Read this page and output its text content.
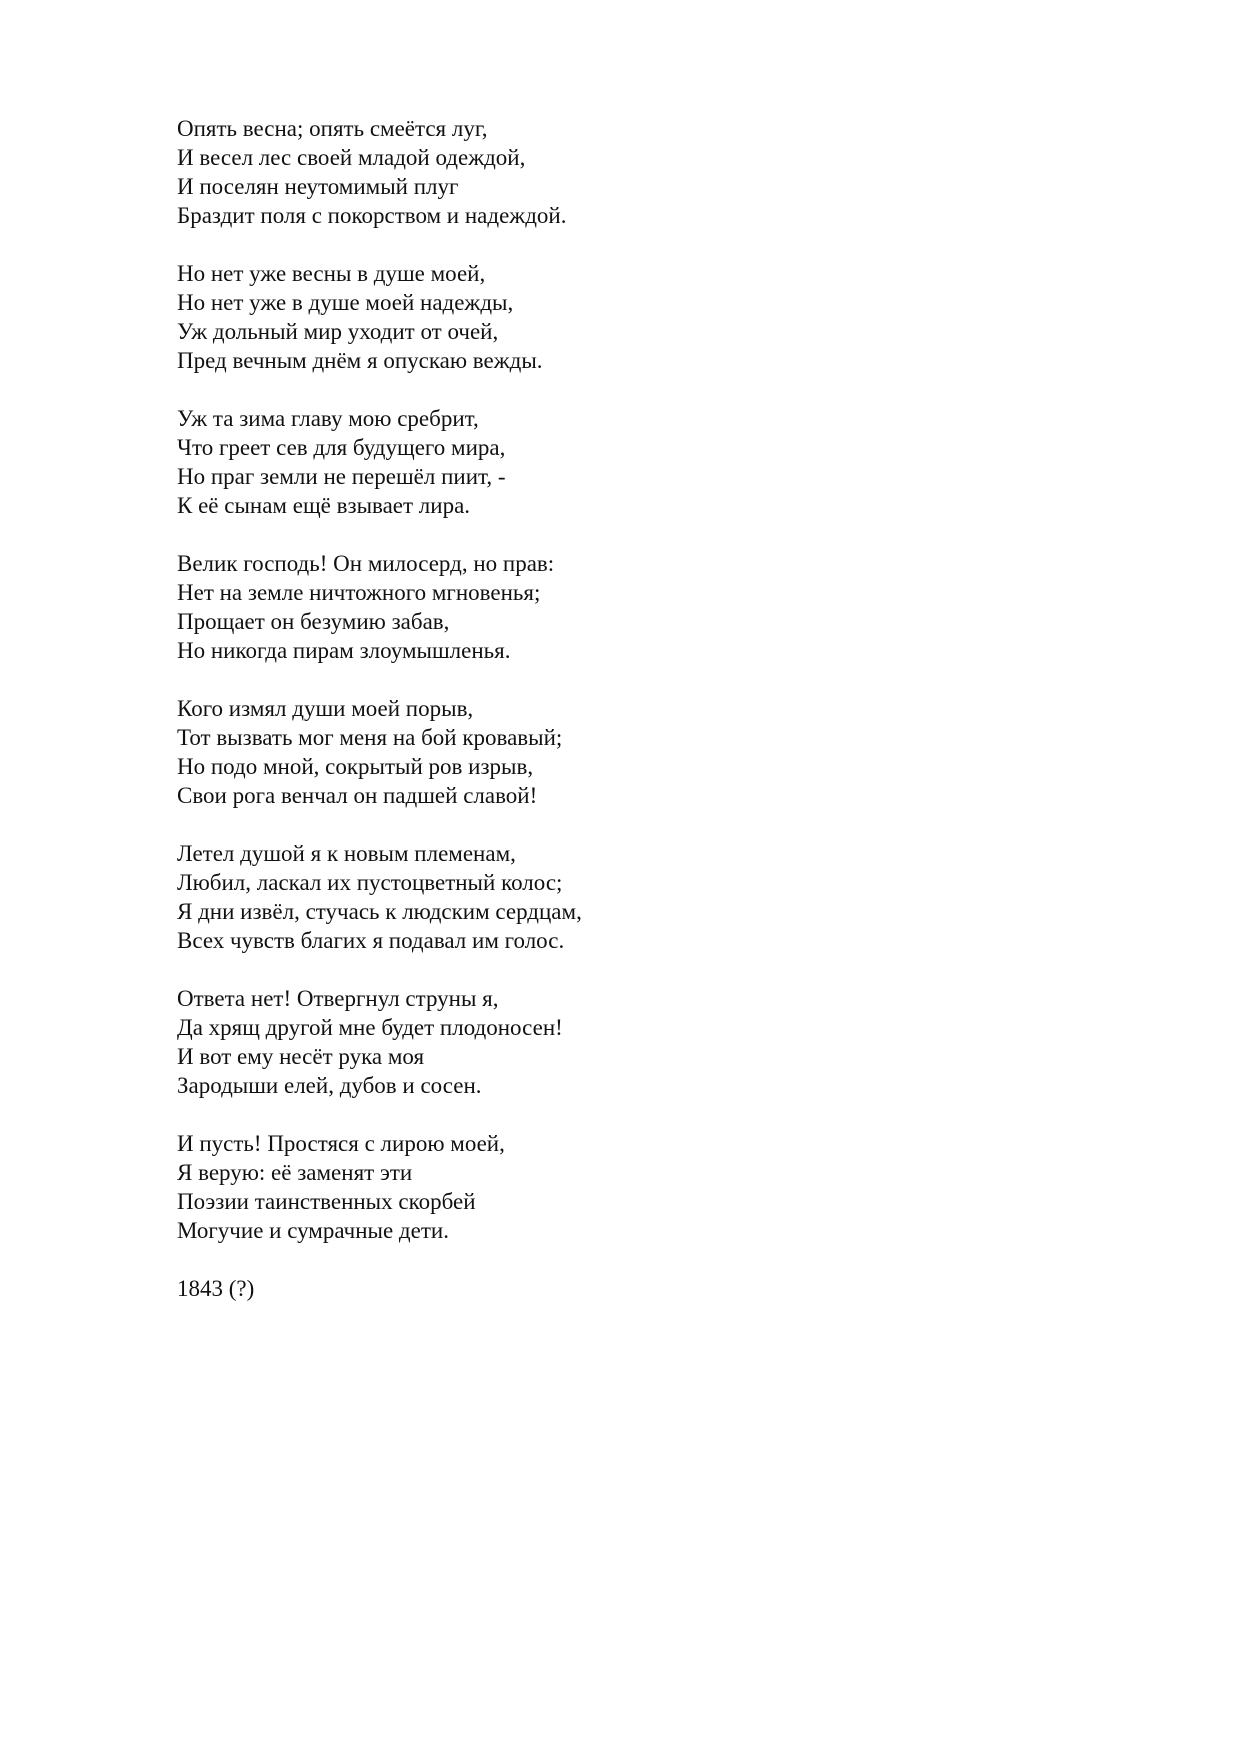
Опять весна; опять смеётся луг,
И весел лес своей младой одеждой,
И поселян неутомимый плуг
Браздит поля с покорством и надеждой.
Но нет уже весны в душе моей,
Но нет уже в душе моей надежды,
Уж дольный мир уходит от очей,
Пред вечным днём я опускаю вежды.
Уж та зима главу мою сребрит,
Что греет сев для будущего мира,
Но праг земли не перешёл пиит, -
К её сынам ещё взывает лира.
Велик господь! Он милосерд, но прав:
Нет на земле ничтожного мгновенья;
Прощает он безумию забав,
Но никогда пирам злоумышленья.
Кого измял души моей порыв,
Тот вызвать мог меня на бой кровавый;
Но подо мной, сокрытый ров изрыв,
Свои рога венчал он падшей славой!
Летел душой я к новым племенам,
Любил, ласкал их пустоцветный колос;
Я дни извёл, стучась к людским сердцам,
Всех чувств благих я подавал им голос.
Ответа нет! Отвергнул струны я,
Да хрящ другой мне будет плодоносен!
И вот ему несёт рука моя
Зародыши елей, дубов и сосен.
И пусть! Простяся с лирою моей,
Я верую: её заменят эти
Поэзии таинственных скорбей
Могучие и сумрачные дети.
1843 (?)
